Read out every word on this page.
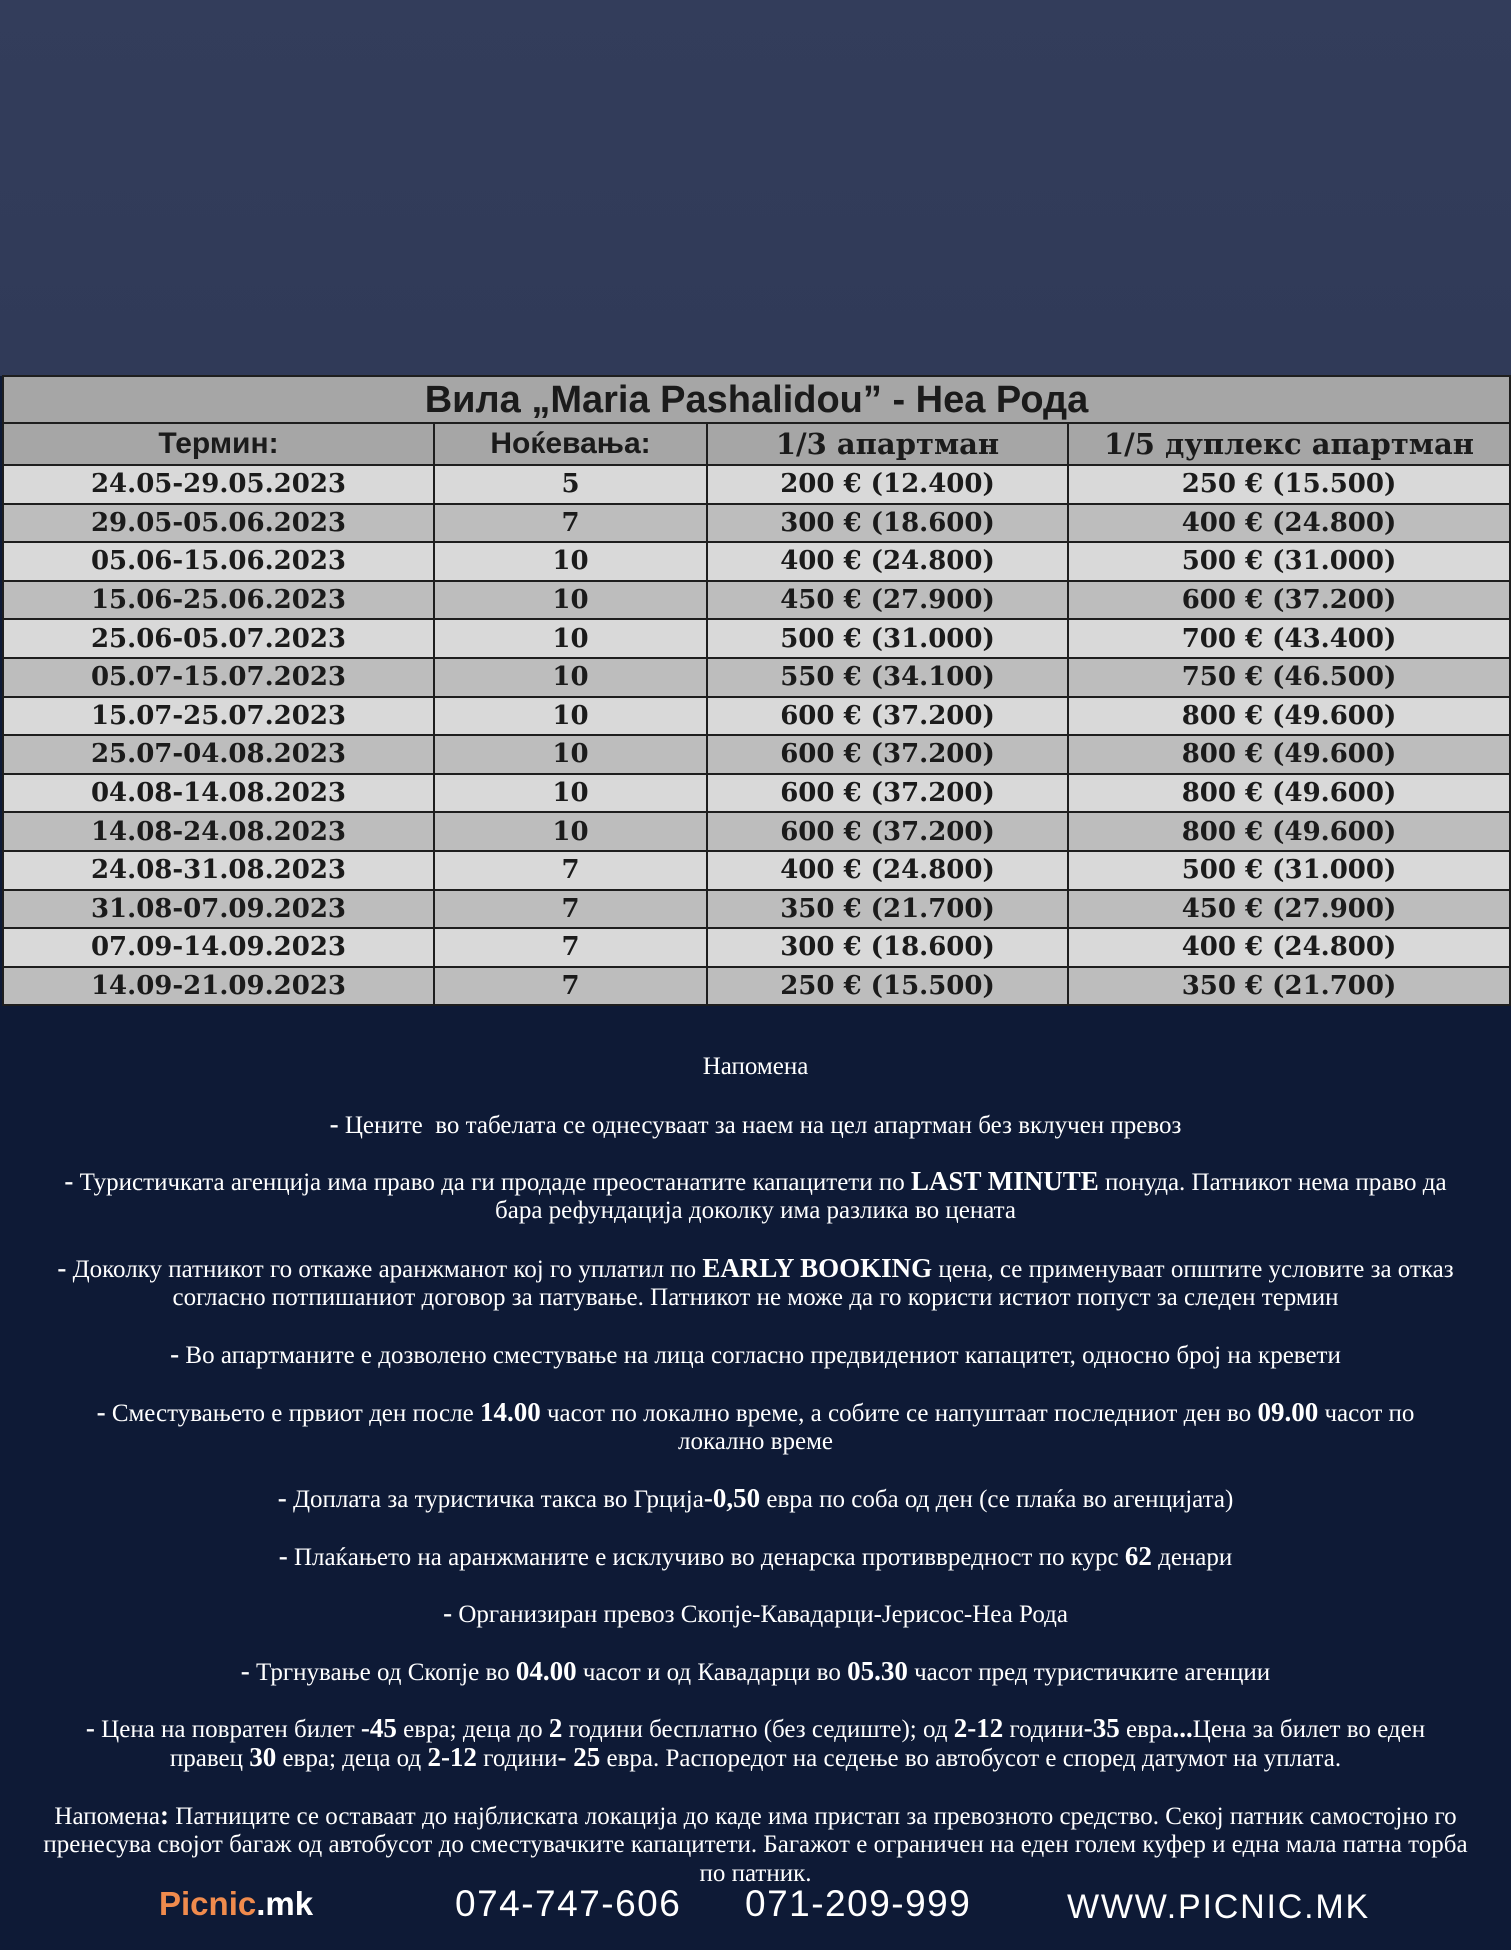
Вила „Maria Pashalidou” - Неа Рода			
Термин:	Ноќевања:	1/3 апартман	1/5 дуплекс апартман
24.05-29.05.2023	5	200 € (12.400)	250 € (15.500)
29.05-05.06.2023	7	300 € (18.600)	400 € (24.800)
05.06-15.06.2023	10	400 € (24.800)	500 € (31.000)
15.06-25.06.2023	10	450 € (27.900)	600 € (37.200)
25.06-05.07.2023	10	500 € (31.000)	700 € (43.400)
05.07-15.07.2023	10	550 € (34.100)	750 € (46.500)
15.07-25.07.2023	10	600 € (37.200)	800 € (49.600)
25.07-04.08.2023	10	600 € (37.200)	800 € (49.600)
04.08-14.08.2023	10	600 € (37.200)	800 € (49.600)
14.08-24.08.2023	10	600 € (37.200)	800 € (49.600)
24.08-31.08.2023	7	400 € (24.800)	500 € (31.000)
31.08-07.09.2023	7	350 € (21.700)	450 € (27.900)
07.09-14.09.2023	7	300 € (18.600)	400 € (24.800)
14.09-21.09.2023	7	250 € (15.500)	350 € (21.700)
Напомена
- Цените  во табелата се однесуваат за наем на цел апартман без вклучен превоз
- Туристичката агенција има право да ги продаде преостанатите капацитети по LAST MINUTE понуда. Патникот нема право да
бара рефундација доколку има разлика во цената
- Доколку патникот го откаже аранжманот кој го уплатил по EARLY BOOKING цена, се применуваат општите условите за отказ
согласно потпишаниот договор за патување. Патникот не може да го користи истиот попуст за следен термин
- Во апартманите е дозволено сместување на лица согласно предвидениот капацитет, односно број на кревети
- Сместувањето е првиот ден после 14.00 часот по локално време, а собите се напуштаат последниот ден во 09.00 часот по
локално време
- Доплата за туристичка такса во Грција-0,50 евра по соба од ден (се плаќа во агенцијата)
- Плаќањето на аранжманите е исклучиво во денарска противвредност по курс 62 денари
- Организиран превоз Скопје-Кавадарци-Јерисос-Неа Рода
- Тргнување од Скопје во 04.00 часот и од Кавадарци во 05.30 часот пред туристичките агенции
- Цена на повратен билет -45 евра; деца до 2 години бесплатно (без седиште); од 2-12 години-35 евра...Цена за билет во еден
правец 30 евра; деца од 2-12 години- 25 евра. Распоредот на седење во автобусот е според датумот на уплата.
Напомена: Патниците се оставаат до најблиската локација до каде има пристап за превозното средство. Секој патник самостојно го
пренесува својот багаж од автобусот до сместувачките капацитети. Багажот е ограничен на еден голем куфер и една мала патна торба
по патник.
Picnic.mk	074-747-606 071-209-999	WWW.PICNIC.MK
